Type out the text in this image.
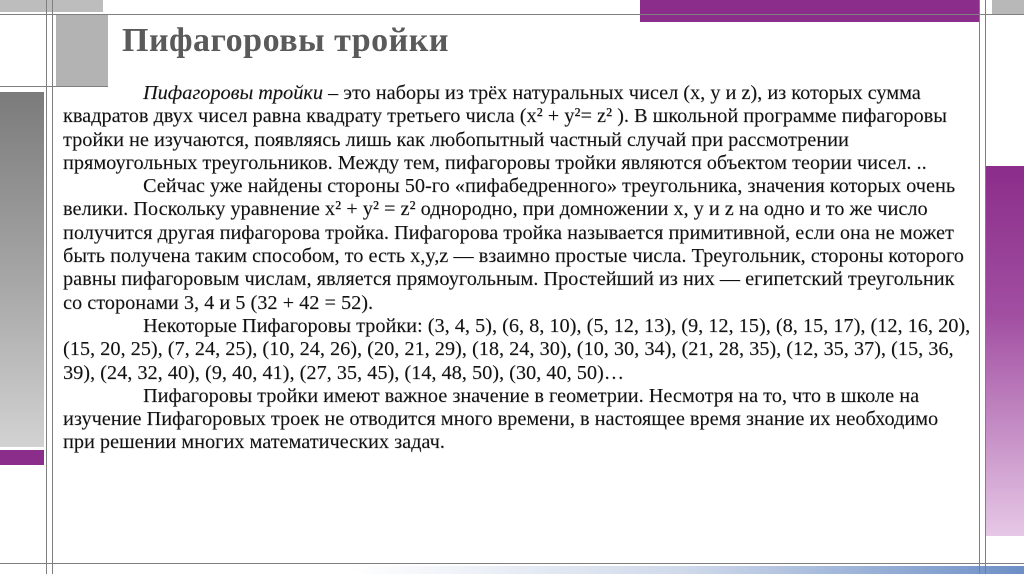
Пифагоровы тройки

Пифагоровы тройки – это наборы из трёх натуральных чисел (x, y и z), из которых сумма квадратов двух чисел равна квадрату третьего числа (x² + y²= z² ). В школьной программе пифагоровы тройки не изучаются, появляясь лишь как любопытный частный случай при рассмотрении прямоугольных треугольников. Между тем, пифагоровы тройки являются объектом теории чисел. ..

Сейчас уже найдены стороны 50-го «пифабедренного» треугольника, значения которых очень велики. Поскольку уравнение x² + y² = z² однородно, при домножении x, y и z на одно и то же число получится другая пифагорова тройка. Пифагорова тройка называется примитивной, если она не может быть получена таким способом, то есть x,y,z — взаимно простые числа. Треугольник, стороны которого равны пифагоровым числам, является прямоугольным. Простейший из них — египетский треугольник со сторонами 3, 4 и 5 (32 + 42 = 52).

Некоторые Пифагоровы тройки: (3, 4, 5), (6, 8, 10), (5, 12, 13), (9, 12, 15), (8, 15, 17), (12, 16, 20), (15, 20, 25), (7, 24, 25), (10, 24, 26), (20, 21, 29), (18, 24, 30), (10, 30, 34), (21, 28, 35), (12, 35, 37), (15, 36, 39), (24, 32, 40), (9, 40, 41), (27, 35, 45), (14, 48, 50), (30, 40, 50)…

Пифагоровы тройки имеют важное значение в геометрии. Несмотря на то, что в школе на изучение Пифагоровых троек не отводится много времени, в настоящее время знание их необходимо при решении многих математических задач.
